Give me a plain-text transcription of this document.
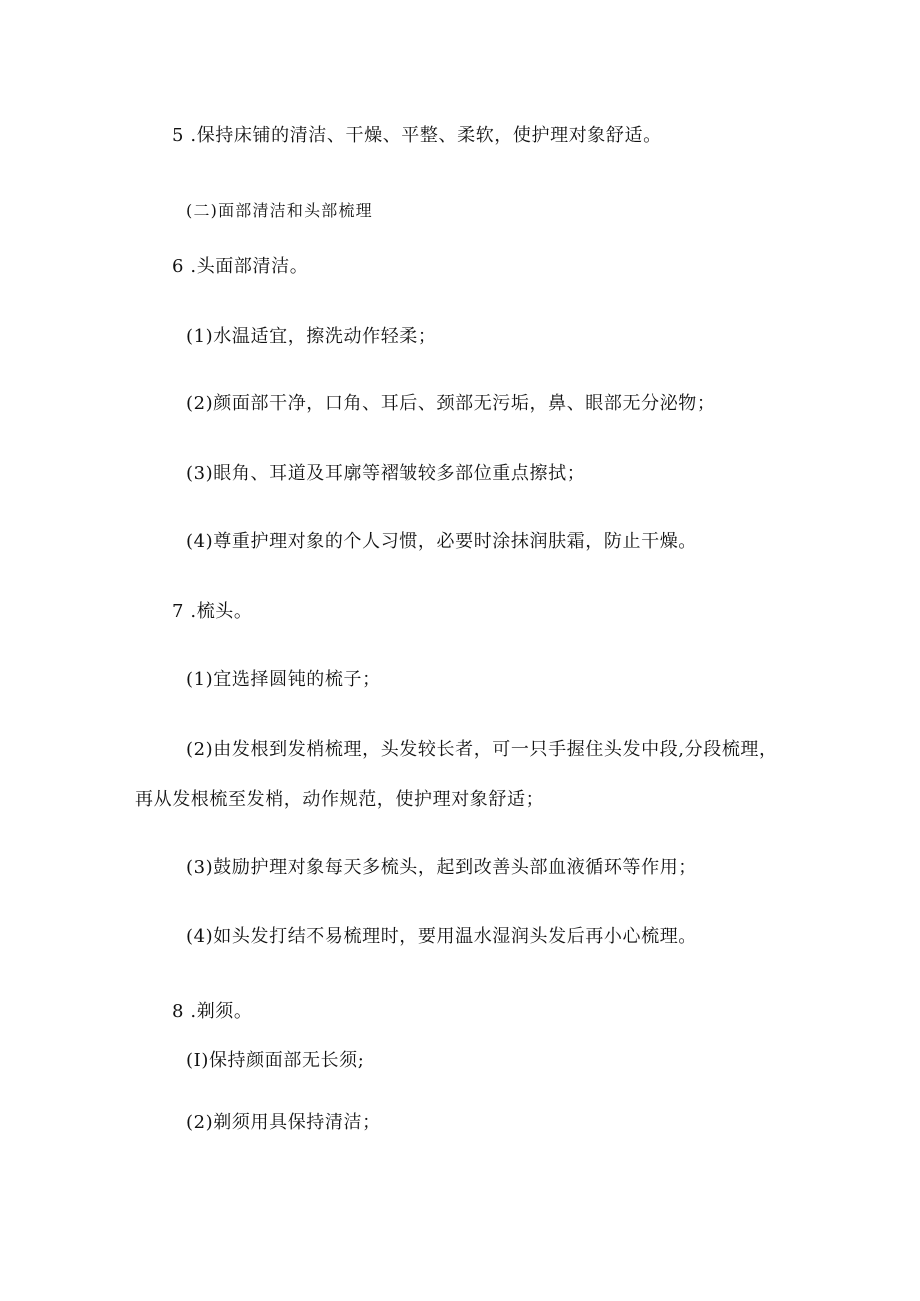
5 .保持床铺的清洁、干燥、平整、柔软，使护理对象舒适。
(二)面部清洁和头部梳理
6 .头面部清洁。
(1)水温适宜，擦洗动作轻柔；
(2)颜面部干净，口角、耳后、颈部无污垢，鼻、眼部无分泌物；
(3)眼角、耳道及耳廓等褶皱较多部位重点擦拭；
(4)尊重护理对象的个人习惯，必要时涂抹润肤霜，防止干燥。
7 .梳头。
(1)宜选择圆钝的梳子；
(2)由发根到发梢梳理，头发较长者，可一只手握住头发中段,分段梳理，
再从发根梳至发梢，动作规范，使护理对象舒适；
(3)鼓励护理对象每天多梳头，起到改善头部血液循环等作用；
(4)如头发打结不易梳理时，要用温水湿润头发后再小心梳理。
8 .剃须。
(I)保持颜面部无长须;
(2)剃须用具保持清洁；
